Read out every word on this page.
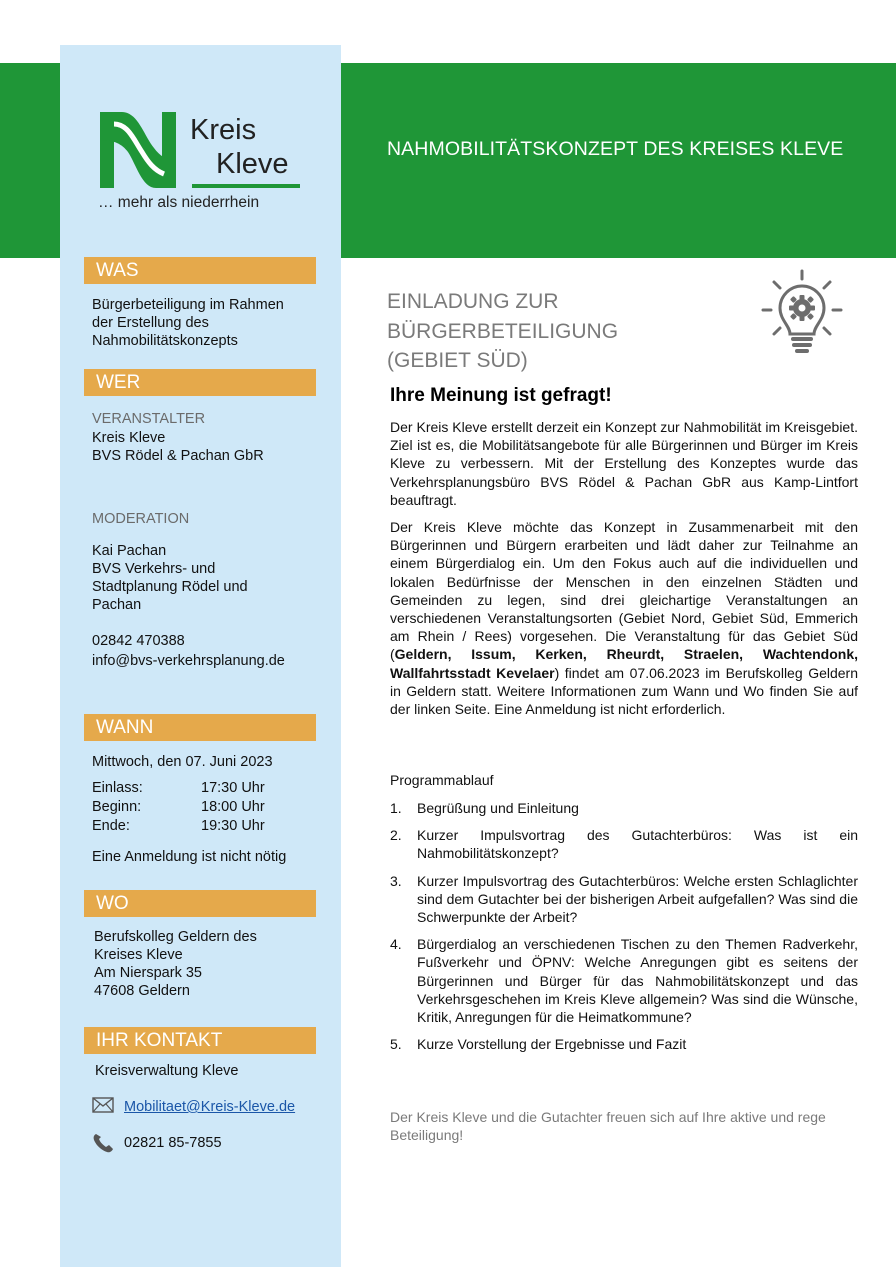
Kreis
Kleve
… mehr als niederrhein
NAHMOBILITÄTSKONZEPT DES KREISES KLEVE
WAS
Bürgerbeteiligung im Rahmen
der Erstellung des
Nahmobilitätskonzepts
WER
VERANSTALTER
Kreis Kleve
BVS Rödel & Pachan GbR
MODERATION
Kai Pachan
BVS Verkehrs- und
Stadtplanung Rödel und
Pachan
02842 470388
info@bvs-verkehrsplanung.de
WANN
Mittwoch, den 07. Juni 2023
Einlass:	17:30 Uhr
Beginn:	18:00 Uhr
Ende:	19:30 Uhr
Eine Anmeldung ist nicht nötig
WO
Berufskolleg Geldern des
Kreises Kleve
Am Nierspark 35
47608 Geldern
IHR KONTAKT
Kreisverwaltung Kleve
Mobilitaet@Kreis-Kleve.de
02821 85-7855
EINLADUNG ZUR
BÜRGERBETEILIGUNG
(GEBIET SÜD)
Ihre Meinung ist gefragt!
Der Kreis Kleve erstellt derzeit ein Konzept zur Nahmobilität im Kreisgebiet. Ziel ist es, die Mobilitätsangebote für alle Bürgerinnen und Bürger im Kreis Kleve zu verbessern. Mit der Erstellung des Konzeptes wurde das Verkehrsplanungsbüro BVS Rödel & Pachan GbR aus Kamp-Lintfort beauftragt.
Der Kreis Kleve möchte das Konzept in Zusammenarbeit mit den Bürgerinnen und Bürgern erarbeiten und lädt daher zur Teilnahme an einem Bürgerdialog ein. Um den Fokus auch auf die individuellen und lokalen Bedürfnisse der Menschen in den einzelnen Städten und Gemeinden zu legen, sind drei gleichartige Veranstaltungen an verschiedenen Veranstaltungsorten (Gebiet Nord, Gebiet Süd, Emmerich am Rhein / Rees) vorgesehen. Die Veranstaltung für das Gebiet Süd (Geldern, Issum, Kerken, Rheurdt, Straelen, Wachtendonk, Wallfahrtsstadt Kevelaer) findet am 07.06.2023 im Berufskolleg Geldern in Geldern statt. Weitere Informationen zum Wann und Wo finden Sie auf der linken Seite. Eine Anmeldung ist nicht erforderlich.
Programmablauf
1. Begrüßung und Einleitung
2. Kurzer Impulsvortrag des Gutachterbüros: Was ist ein Nahmobilitätskonzept?
3. Kurzer Impulsvortrag des Gutachterbüros: Welche ersten Schlaglichter sind dem Gutachter bei der bisherigen Arbeit aufgefallen? Was sind die Schwerpunkte der Arbeit?
4. Bürgerdialog an verschiedenen Tischen zu den Themen Radverkehr, Fußverkehr und ÖPNV: Welche Anregungen gibt es seitens der Bürgerinnen und Bürger für das Nahmobilitätskonzept und das Verkehrsgeschehen im Kreis Kleve allgemein? Was sind die Wünsche, Kritik, Anregungen für die Heimatkommune?
5. Kurze Vorstellung der Ergebnisse und Fazit
Der Kreis Kleve und die Gutachter freuen sich auf Ihre aktive und rege Beteiligung!
